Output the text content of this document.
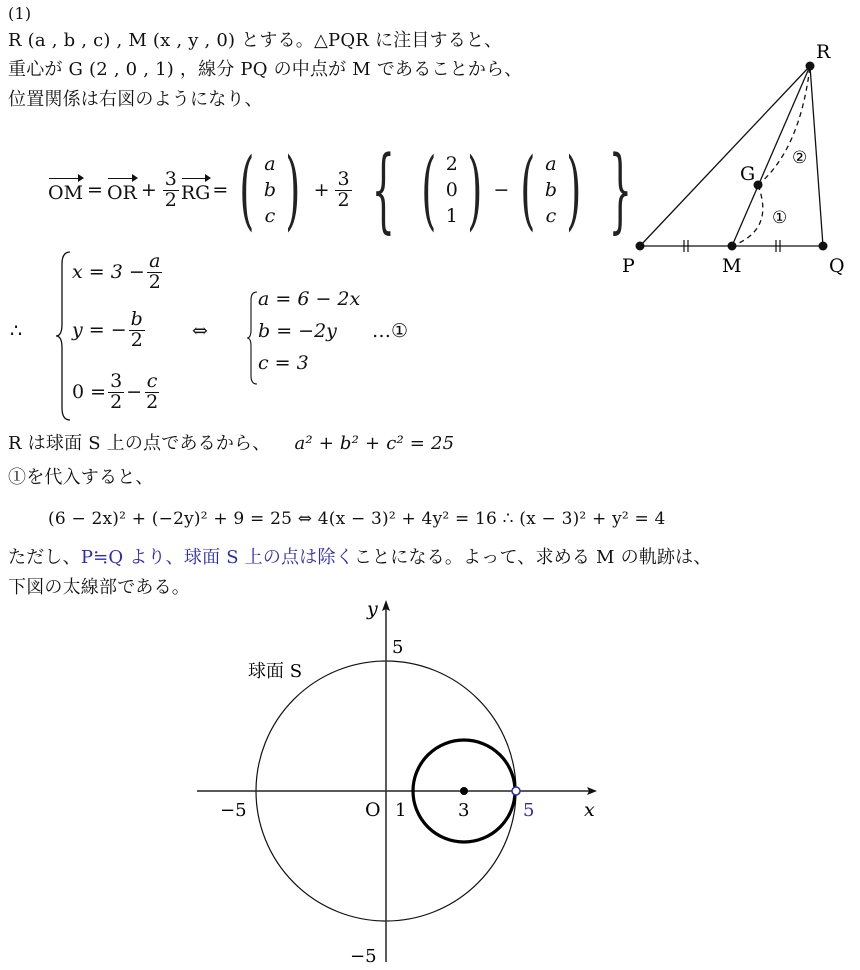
(1)
R (a , b , c) , M (x , y , 0) とする。△PQR に注目すると、
重心が G (2 , 0 , 1) ，線分 PQ の中点が M であることから、
位置関係は右図のようになり、
OM = OR + $\frac{3}{2}$ RG = ( a
b
c ) + $\frac{3}{2}$ { ( 2
0
1 ) − ( a
b
c ) }
∴
$x = 3 - \frac{a}{2}$
y = − $\frac{b}{2}$
$0 = \frac{3}{2} - \frac{c}{2}$
⇔
a = 6 − 2x
b = −2y
c = 3
…①
R は球面 S 上の点であるから、 a² + b² + c² = 25
①を代入すると、
(6 − 2x)² + (−2y)² + 9 = 25 ⇔ 4(x − 3)² + 4y² = 16 ∴ (x − 3)² + y² = 4
ただし、P≒Q より、球面 S 上の点は除くことになる。よって、求める M の軌跡は、
下図の太線部である。
P	M	Q
R
G
①
②
y
x
5
−5
−5	O 1	3	5
球面 S
